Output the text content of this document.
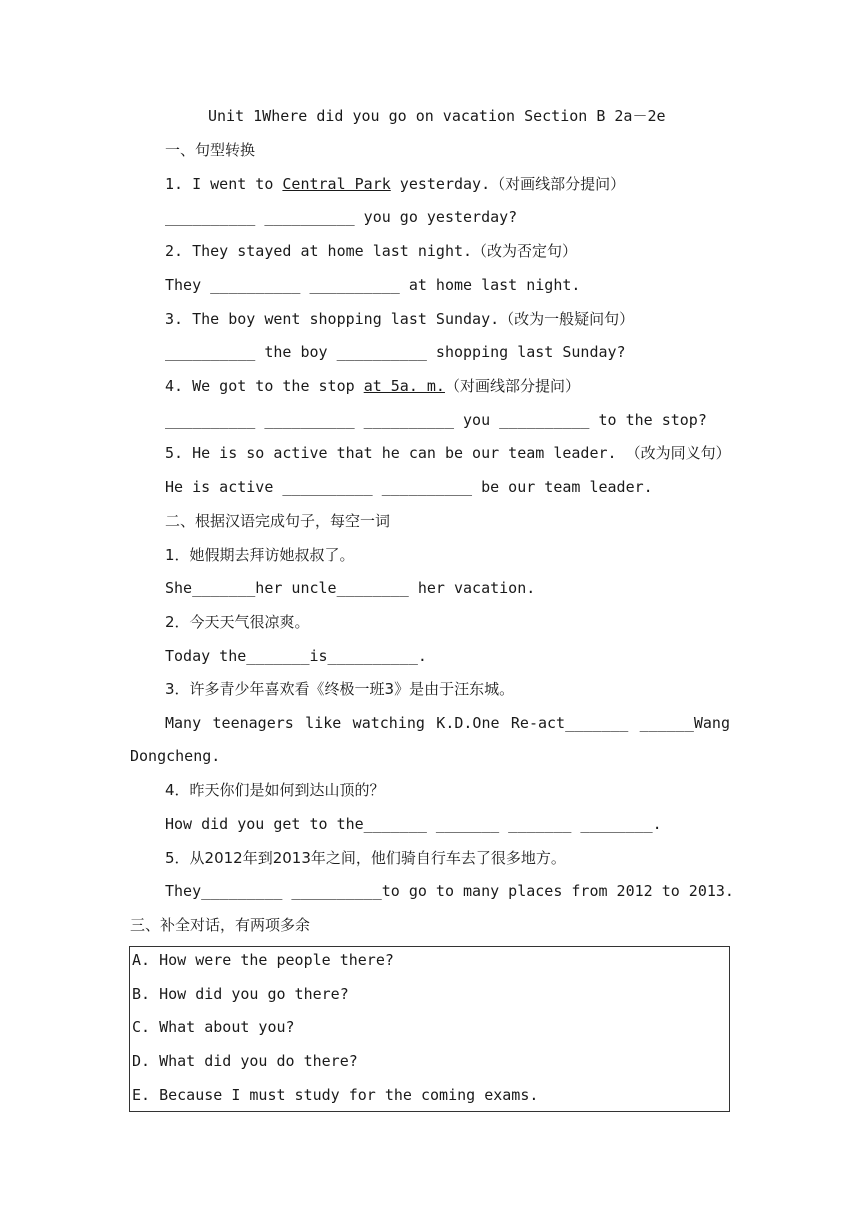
Unit 1Where did you go on vacation Section B 2a－2e
一、句型转换
1. I went to Central Park yesterday.（对画线部分提问）
__________ __________ you go yesterday?
2. They stayed at home last night.（改为否定句）
They __________ __________ at home last night.
3. The boy went shopping last Sunday.（改为一般疑问句）
__________ the boy __________ shopping last Sunday?
4. We got to the stop at 5a. m.（对画线部分提问）
__________ __________ __________ you __________ to the stop?
5. He is so active that he can be our team leader. （改为同义句）
He is active __________ __________ be our team leader.
二、根据汉语完成句子，每空一词
1．她假期去拜访她叔叔了。
She_______her uncle________ her vacation.
2．今天天气很凉爽。
Today the_______is__________.
3．许多青少年喜欢看《终极一班3》是由于汪东城。
Many teenagers like watching K.D.One Re-act_______ ______Wang
Dongcheng.
4．昨天你们是如何到达山顶的？
How did you get to the_______ _______ _______ ________.
5．从2012年到2013年之间，他们骑自行车去了很多地方。
They_________ __________to go to many places from 2012 to 2013.
三、补全对话，有两项多余
A. How were the people there?
B. How did you go there?
C. What about you?
D. What did you do there?
E. Because I must study for the coming exams.
